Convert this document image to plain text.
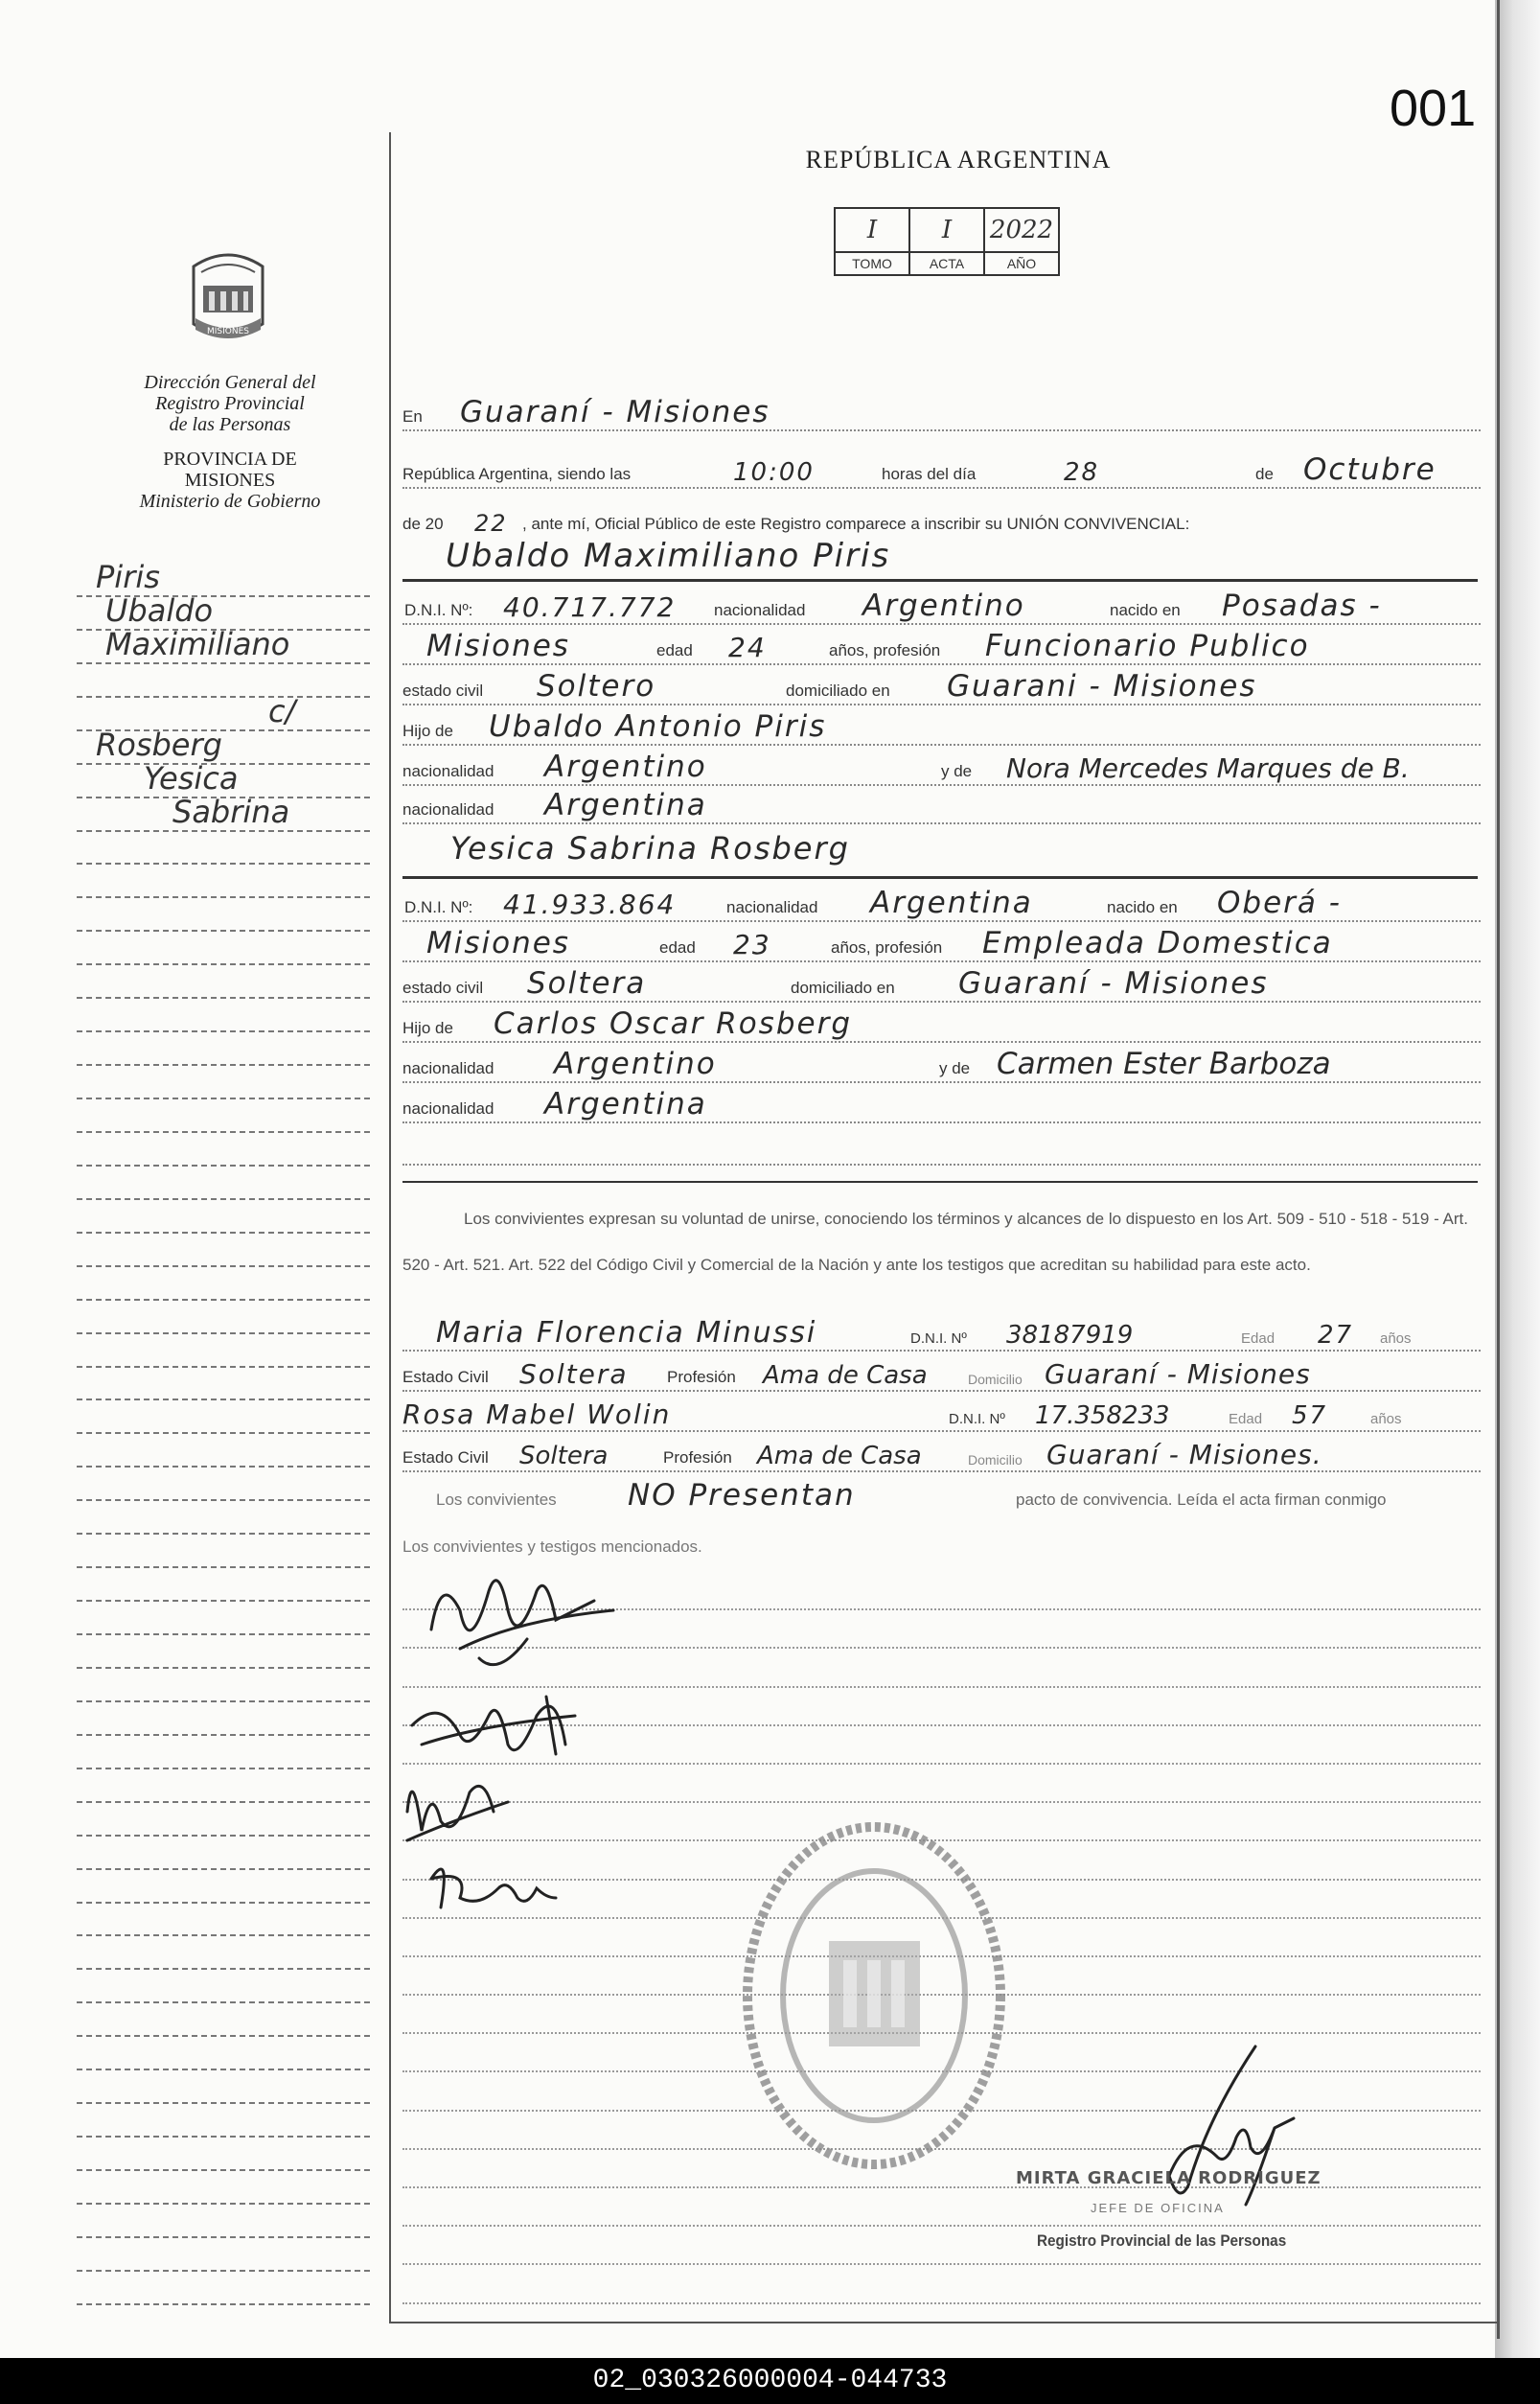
001
REPÚBLICA ARGENTINA
I	I	2022
TOMO	ACTA	AÑO
MISIONES
Dirección General del
Registro Provincial
de las Personas
PROVINCIA DE
MISIONES
Ministerio de Gobierno
Piris
Ubaldo
Maximiliano
c/
Rosberg
Yesica
Sabrina
En Guaraní - Misiones
República Argentina, siendo las	10:00	horas del día	28	de Octubre
de 20 22 , ante mí, Oficial Público de este Registro comparece a inscribir su UNIÓN CONVIVENCIAL:
Ubaldo Maximiliano Piris
D.N.I. Nº: 40.717.772 nacionalidad Argentino	nacido en Posadas -
Misiones	edad 24	años, profesión Funcionario Publico
estado civil Soltero	domiciliado en Guarani - Misiones
Hijo de Ubaldo Antonio Piris
nacionalidad Argentino	y de Nora Mercedes Marques de B.
nacionalidad Argentina
Yesica Sabrina Rosberg
D.N.I. Nº: 41.933.864	nacionalidad Argentina	nacido en Oberá -
Misiones	edad 23	años, profesión Empleada Domestica
estado civil Soltera	domiciliado en Guaraní - Misiones
Hijo de Carlos Oscar Rosberg
nacionalidad Argentino	y de Carmen Ester Barboza
nacionalidad Argentina
Los convivientes expresan su voluntad de unirse, conociendo los términos y alcances de lo dispuesto en los Art. 509 - 510 - 518 - 519 - Art. 520 - Art. 521. Art. 522 del Código Civil y Comercial de la Nación y ante los testigos que acreditan su habilidad para este acto.
Maria Florencia Minussi	D.N.I. Nº 38187919	Edad 27 años
Estado Civil Soltera Profesión Ama de Casa	Domicilio Guaraní - Misiones
Rosa Mabel Wolin	D.N.I. Nº 17.358233	Edad 57	años
Estado Civil Soltera	Profesión Ama de Casa	Domicilio Guaraní - Misiones.
Los convivientes NO Presentan	pacto de convivencia. Leída el acta firman conmigo
Los convivientes y testigos mencionados.
MIRTA GRACIELA RODRIGUEZ
JEFE DE OFICINA
Registro Provincial de las Personas
02_030326000004-044733
